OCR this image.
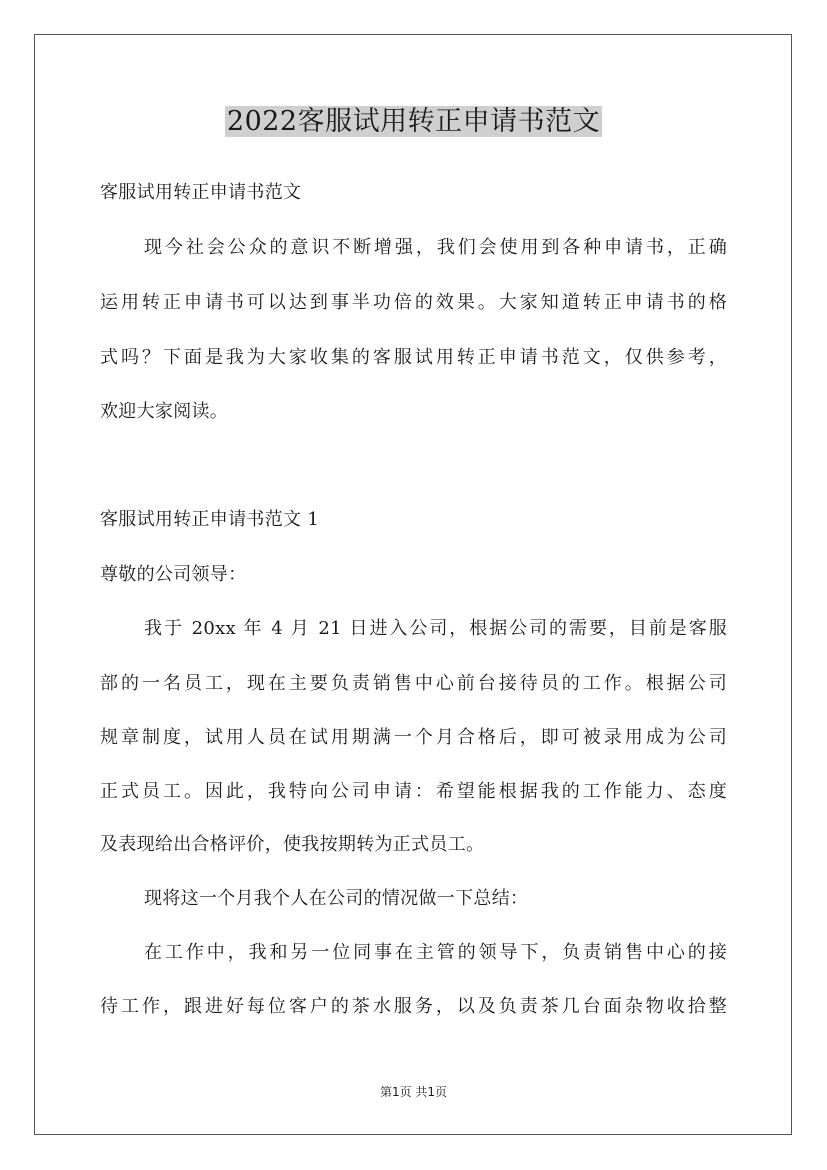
2022客服试用转正申请书范文
客服试用转正申请书范文
现今社会公众的意识不断增强，我们会使用到各种申请书，正确
运用转正申请书可以达到事半功倍的效果。大家知道转正申请书的格
式吗？下面是我为大家收集的客服试用转正申请书范文，仅供参考，
欢迎大家阅读。
客服试用转正申请书范文 1
尊敬的公司领导：
我于 20xx 年 4 月 21 日进入公司，根据公司的需要，目前是客服
部的一名员工，现在主要负责销售中心前台接待员的工作。根据公司
规章制度，试用人员在试用期满一个月合格后，即可被录用成为公司
正式员工。因此，我特向公司申请：希望能根据我的工作能力、态度
及表现给出合格评价，使我按期转为正式员工。
现将这一个月我个人在公司的情况做一下总结：
在工作中，我和另一位同事在主管的领导下，负责销售中心的接
待工作，跟进好每位客户的茶水服务，以及负责茶几台面杂物收拾整
第1页 共1页
